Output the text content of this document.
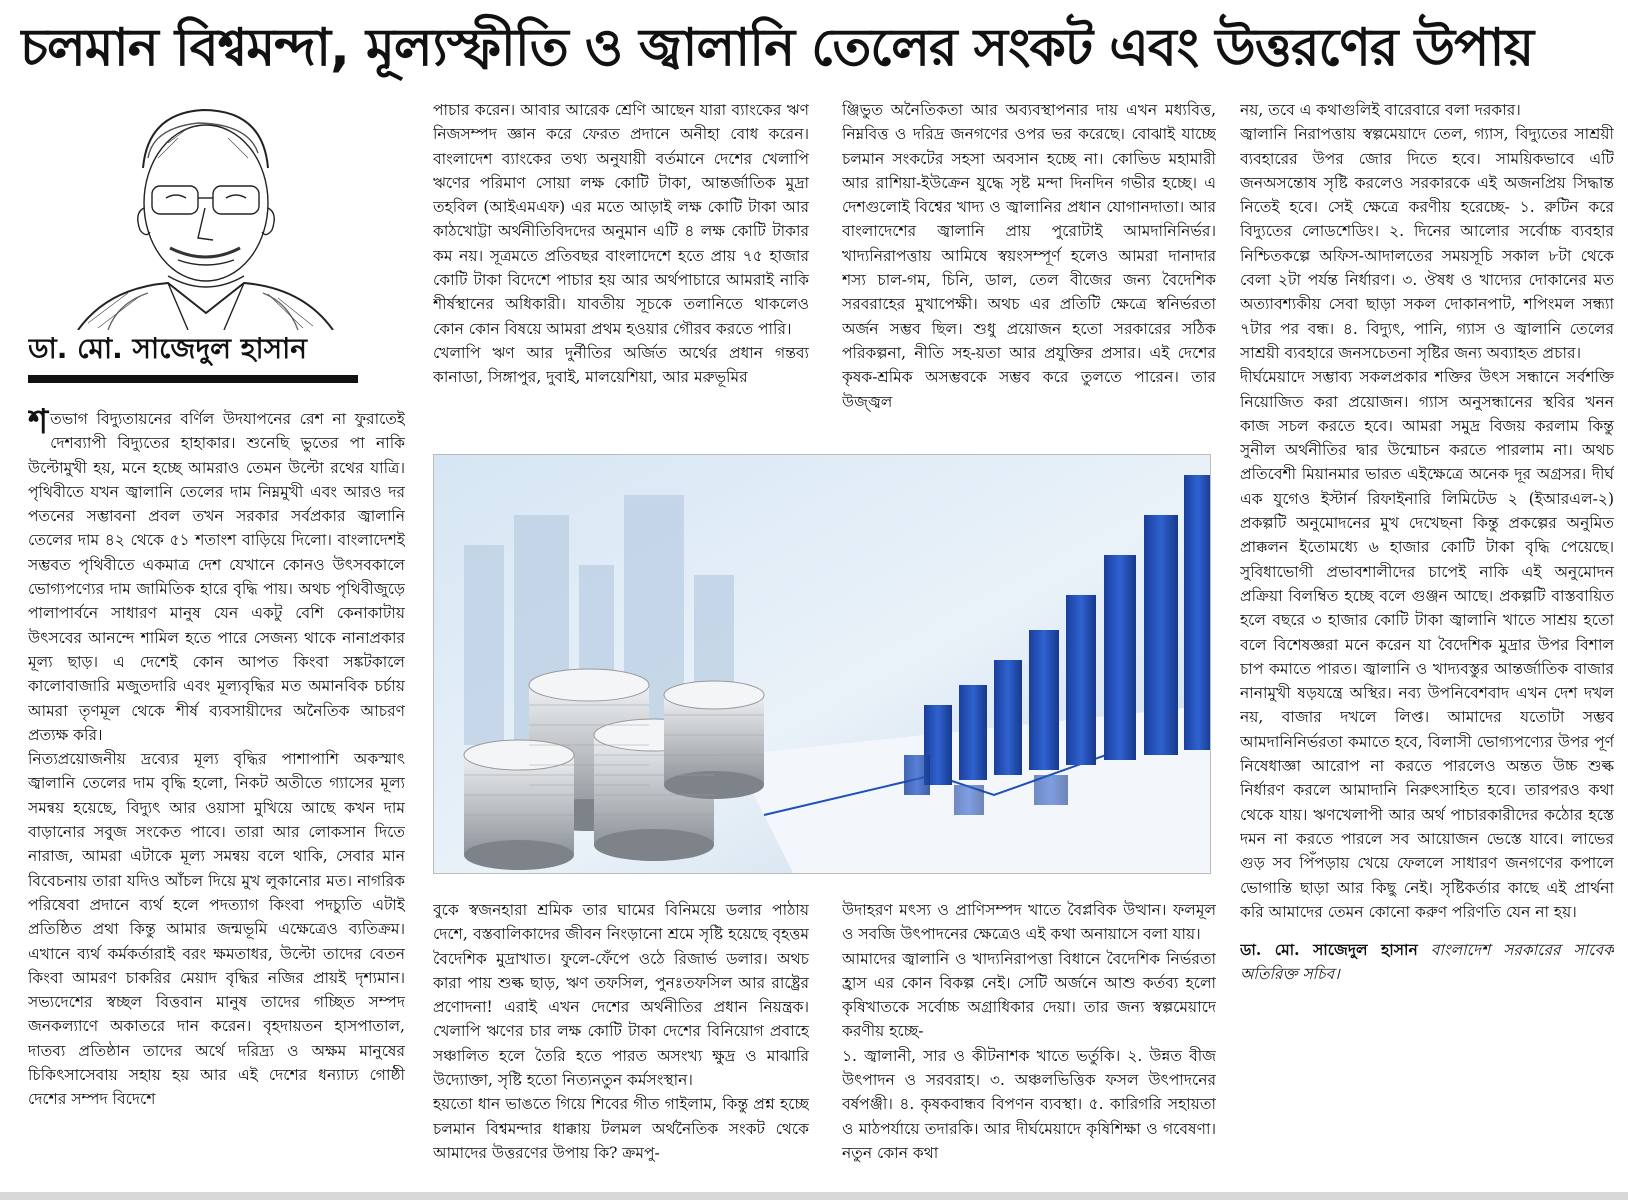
চলমান বিশ্বমন্দা, মূল্যস্ফীতি ও জ্বালানি তেলের সংকট এবং উত্তরণের উপায়
ডা. মো. সাজেদুল হাসান

শতভাগ বিদ্যুতায়নের বর্ণিল উদযাপনের রেশ না ফুরাতেই দেশব্যাপী বিদ্যুতের হাহাকার। শুনেছি ভুতের পা নাকি উল্টোমুখী হয়, মনে হচ্ছে আমরাও তেমন উল্টো রথের যাত্রি। পৃথিবীতে যখন জ্বালানি তেলের দাম নিম্নমুখী এবং আরও দর পতনের সম্ভাবনা প্রবল তখন সরকার সর্বপ্রকার জ্বালানি তেলের দাম ৪২ থেকে ৫১ শতাংশ বাড়িয়ে দিলো। বাংলাদেশই সম্ভবত পৃথিবীতে একমাত্র দেশ যেখানে কোনও উৎসবকালে ভোগ্যপণ্যের দাম জামিতিক হারে বৃদ্ধি পায়। অথচ পৃথিবীজুড়ে পালাপার্বনে সাধারণ মানুষ যেন একটু বেশি কেনাকাটায় উৎসবের আনন্দে শামিল হতে পারে সেজন্য থাকে নানাপ্রকার মূল্য ছাড়। এ দেশেই কোন আপত কিংবা সঙ্কটকালে কালোবাজারি মজুতদারি এবং মূল্যবৃদ্ধির মত অমানবিক চর্চায় আমরা তৃণমূল থেকে শীর্ষ ব্যবসায়ীদের অনৈতিক আচরণ প্রত্যক্ষ করি।

নিত্যপ্রয়োজনীয় দ্রব্যের মূল্য বৃদ্ধির পাশাপাশি অকস্মাৎ জ্বালানি তেলের দাম বৃদ্ধি হলো, নিকট অতীতে গ্যাসের মূল্য সমন্বয় হয়েছে, বিদ্যুৎ আর ওয়াসা মুখিয়ে আছে কখন দাম বাড়ানোর সবুজ সংকেত পাবে। তারা আর লোকসান দিতে নারাজ, আমরা এটাকে মূল্য সমন্বয় বলে থাকি, সেবার মান বিবেচনায় তারা যদিও আঁচল দিয়ে মুখ লুকানোর মত। নাগরিক পরিষেবা প্রদানে ব্যর্থ হলে পদত্যাগ কিংবা পদচ্যুতি এটাই প্রতিষ্ঠিত প্রথা কিন্তু আমার জন্মভূমি এক্ষেত্রেও ব্যতিক্রম। এখানে ব্যর্থ কর্মকর্তারাই বরং ক্ষমতাধর, উল্টো তাদের বেতন কিংবা আমরণ চাকরির মেয়াদ বৃদ্ধির নজির প্রায়ই দৃশ্যমান। সভ্যদেশের স্বচ্ছল বিত্তবান মানুষ তাদের গচ্ছিত সম্পদ জনকল্যাণে অকাতরে দান করেন। বৃহদায়তন হাসপাতাল, দাতব্য প্রতিষ্ঠান তাদের অর্থে দরিদ্র্য ও অক্ষম মানুষের চিকিৎসাসেবায় সহায় হয় আর এই দেশের ধন্যাঢ্য গোষ্ঠী দেশের সম্পদ বিদেশে

পাচার করেন। আবার আরেক শ্রেণি আছেন যারা ব্যাংকের ঋণ নিজসম্পদ জ্ঞান করে ফেরত প্রদানে অনীহা বোধ করেন। বাংলাদেশ ব্যাংকের তথ্য অনুযায়ী বর্তমানে দেশের খেলাপি ঋণের পরিমাণ সোয়া লক্ষ কোটি টাকা, আন্তর্জাতিক মুদ্রা তহবিল (আইএমএফ) এর মতে আড়াই লক্ষ কোটি টাকা আর কাঠখোট্টা অর্থনীতিবিদদের অনুমান এটি ৪ লক্ষ কোটি টাকার কম নয়। সূত্রমতে প্রতিবছর বাংলাদেশে হতে প্রায় ৭৫ হাজার কোটি টাকা বিদেশে পাচার হয় আর অর্থপাচারে আমরাই নাকি শীর্ষস্থানের অধিকারী। যাবতীয় সূচকে তলানিতে থাকলেও কোন কোন বিষয়ে আমরা প্রথম হওয়ার গৌরব করতে পারি।

খেলাপি ঋণ আর দুর্নীতির অর্জিত অর্থের প্রধান গন্তব্য কানাডা, সিঙ্গাপুর, দুবাই, মালয়েশিয়া, আর মরুভূমির

ঞ্জিভুত অনৈতিকতা আর অব্যবস্থাপনার দায় এখন মধ্যবিত্ত, নিম্নবিত্ত ও দরিদ্র জনগণের ওপর ভর করেছে। বোঝাই যাচ্ছে চলমান সংকটের সহসা অবসান হচ্ছে না। কোভিড মহামারী আর রাশিয়া-ইউক্রেন যুদ্ধে সৃষ্ট মন্দা দিনদিন গভীর হচ্ছে। এ দেশগুলোই বিশ্বের খাদ্য ও জ্বালানির প্রধান যোগানদাতা। আর বাংলাদেশের জ্বালানি প্রায় পুরোটাই আমদানিনির্ভর। খাদ্যনিরাপত্তায় আমিষে স্বয়ংসম্পূর্ণ হলেও আমরা দানাদার শস্য চাল-গম, চিনি, ডাল, তেল বীজের জন্য বৈদেশিক সরবরাহের মুখাপেক্ষী। অথচ এর প্রতিটি ক্ষেত্রে স্বনির্ভরতা অর্জন সম্ভব ছিল। শুধু প্রয়োজন হতো সরকারের সঠিক পরিকল্পনা, নীতি সহ-য়তা আর প্রযুক্তির প্রসার। এই দেশের কৃষক-শ্রমিক অসম্ভবকে সম্ভব করে তুলতে পারেন। তার উজ্জ্বল

নয়, তবে এ কথাগুলিই বারেবারে বলা দরকার।

জ্বালানি নিরাপত্তায় স্বল্পমেয়াদে তেল, গ্যাস, বিদ্যুতের সাশ্রয়ী ব্যবহারের উপর জোর দিতে হবে। সাময়িকভাবে এটি জনঅসন্তোষ সৃষ্টি করলেও সরকারকে এই অজনপ্রিয় সিদ্ধান্ত নিতেই হবে। সেই ক্ষেত্রে করণীয় হরেচ্ছে- ১. রুটিন করে বিদ্যুতের লোডশেডিং। ২. দিনের আলোর সর্বোচ্চ ব্যবহার নিশ্চিতকল্পে অফিস-আদালতের সময়সূচি সকাল ৮টা থেকে বেলা ২টা পর্যন্ত নির্ধারণ। ৩. ঔষধ ও খাদ্যের দোকানের মত অত্যাবশ্যকীয় সেবা ছাড়া সকল দোকানপাট, শপিংমল সন্ধ্যা ৭টার পর বন্ধ। ৪. বিদ্যুৎ, পানি, গ্যাস ও জ্বালানি তেলের সাশ্রয়ী ব্যবহারে জনসচেতনা সৃষ্টির জন্য অব্যাহত প্রচার।

দীর্ঘমেয়াদে সম্ভাব্য সকলপ্রকার শক্তির উৎস সন্ধানে সর্বশক্তি নিয়োজিত করা প্রয়োজন। গ্যাস অনুসন্ধানের স্থবির খনন কাজ সচল করতে হবে। আমরা সমুদ্র বিজয় করলাম কিন্তু সুনীল অর্থনীতির দ্বার উন্মোচন করতে পারলাম না। অথচ প্রতিবেশী মিয়ানমার ভারত এইক্ষেত্রে অনেক দূর অগ্রসর। দীর্ঘ এক যুগেও ইস্টার্ন রিফাইনারি লিমিটেড ২ (ইআরএল-২) প্রকল্পটি অনুমোদনের মুখ দেখেছনা কিন্তু প্রকল্পের অনুমিত প্রাক্কলন ইতোমধ্যে ৬ হাজার কোটি টাকা বৃদ্ধি পেয়েছে। সুবিধাভোগী প্রভাবশালীদের চাপেই নাকি এই অনুমোদন প্রক্রিয়া বিলম্বিত হচ্ছে বলে গুঞ্জন আছে। প্রকল্পটি বাস্তবায়িত হলে বছরে ৩ হাজার কোটি টাকা জ্বালানি খাতে সাশ্রয় হতো বলে বিশেষজ্ঞরা মনে করেন যা বৈদেশিক মুদ্রার উপর বিশাল চাপ কমাতে পারত। জ্বালানি ও খাদ্যবস্তুর আন্তর্জাতিক বাজার নানামুখী ষড়যন্ত্রে অস্থির। নব্য উপনিবেশবাদ এখন দেশ দখল নয়, বাজার দখলে লিপ্ত। আমাদের যতোটা সম্ভব আমদানিনির্ভরতা কমাতে হবে, বিলাসী ভোগ্যপণ্যের উপর পূর্ণ নিষেধাজ্ঞা আরোপ না করতে পারলেও অন্তত উচ্চ শুল্ক নির্ধারণ করলে আমাদানি নিরুৎসাহিত হবে। তারপরও কথা থেকে যায়। ঋণখেলাপী আর অর্থ পাচারকারীদের কঠোর হস্তে দমন না করতে পারলে সব আয়োজন ভেস্তে যাবে। লাভের গুড় সব পিঁপড়ায় খেয়ে ফেললে সাধারণ জনগণের কপালে ভোগান্তি ছাড়া আর কিছু নেই। সৃষ্টিকর্তার কাছে এই প্রার্থনা করি আমাদের তেমন কোনো করুণ পরিণতি যেন না হয়।

ডা. মো. সাজেদুল হাসান বাংলাদেশ সরকারের সাবেক অতিরিক্ত সচিব।

বুকে স্বজনহারা শ্রমিক তার ঘামের বিনিময়ে ডলার পাঠায় দেশে, বস্তবালিকাদের জীবন নিংড়ানো শ্রমে সৃষ্টি হয়েছে বৃহত্তম বৈদেশিক মুদ্রাখাত। ফুলে-ফেঁপে ওঠে রিজার্ভ ডলার। অথচ কারা পায় শুল্ক ছাড়, ঋণ তফসিল, পুনঃতফসিল আর রাষ্ট্রের প্রণোদনা! এরাই এখন দেশের অর্থনীতির প্রধান নিয়ন্ত্রক। খেলাপি ঋণের চার লক্ষ কোটি টাকা দেশের বিনিয়োগ প্রবাহে সঞ্চালিত হলে তৈরি হতে পারত অসংখ্য ক্ষুদ্র ও মাঝারি উদ্যোক্তা, সৃষ্টি হতো নিত্যনতুন কর্মসংস্থান।

হয়তো ধান ভাঙতে গিয়ে শিবের গীত গাইলাম, কিন্তু প্রশ্ন হচ্ছে চলমান বিশ্বমন্দার ধাক্কায় টলমল অর্থনৈতিক সংকট থেকে আমাদের উত্তরণের উপায় কি? ক্রমপু-

উদাহরণ মৎস্য ও প্রাণিসম্পদ খাতে বৈপ্লবিক উত্থান। ফলমূল ও সবজি উৎপাদনের ক্ষেত্রেও এই কথা অনায়াসে বলা যায়।

আমাদের জ্বালানি ও খাদ্যনিরাপত্তা বিধানে বৈদেশিক নির্ভরতা হ্রাস এর কোন বিকল্প নেই। সেটি অর্জনে আশু কর্তব্য হলো কৃষিখাতকে সর্বোচ্চ অগ্রাধিকার দেয়া। তার জন্য স্বল্পমেয়াদে করণীয় হচ্ছে-

১. জ্বালানী, সার ও কীটনাশক খাতে ভর্তুকি। ২. উন্নত বীজ উৎপাদন ও সরবরাহ। ৩. অঞ্চলভিত্তিক ফসল উৎপাদনের বর্ষপঞ্জী। ৪. কৃষকবান্ধব বিপণন ব্যবস্থা। ৫. কারিগরি সহায়তা ও মাঠপর্যায়ে তদারকি। আর দীর্ঘমেয়াদে কৃষিশিক্ষা ও গবেষণা। নতুন কোন কথা
